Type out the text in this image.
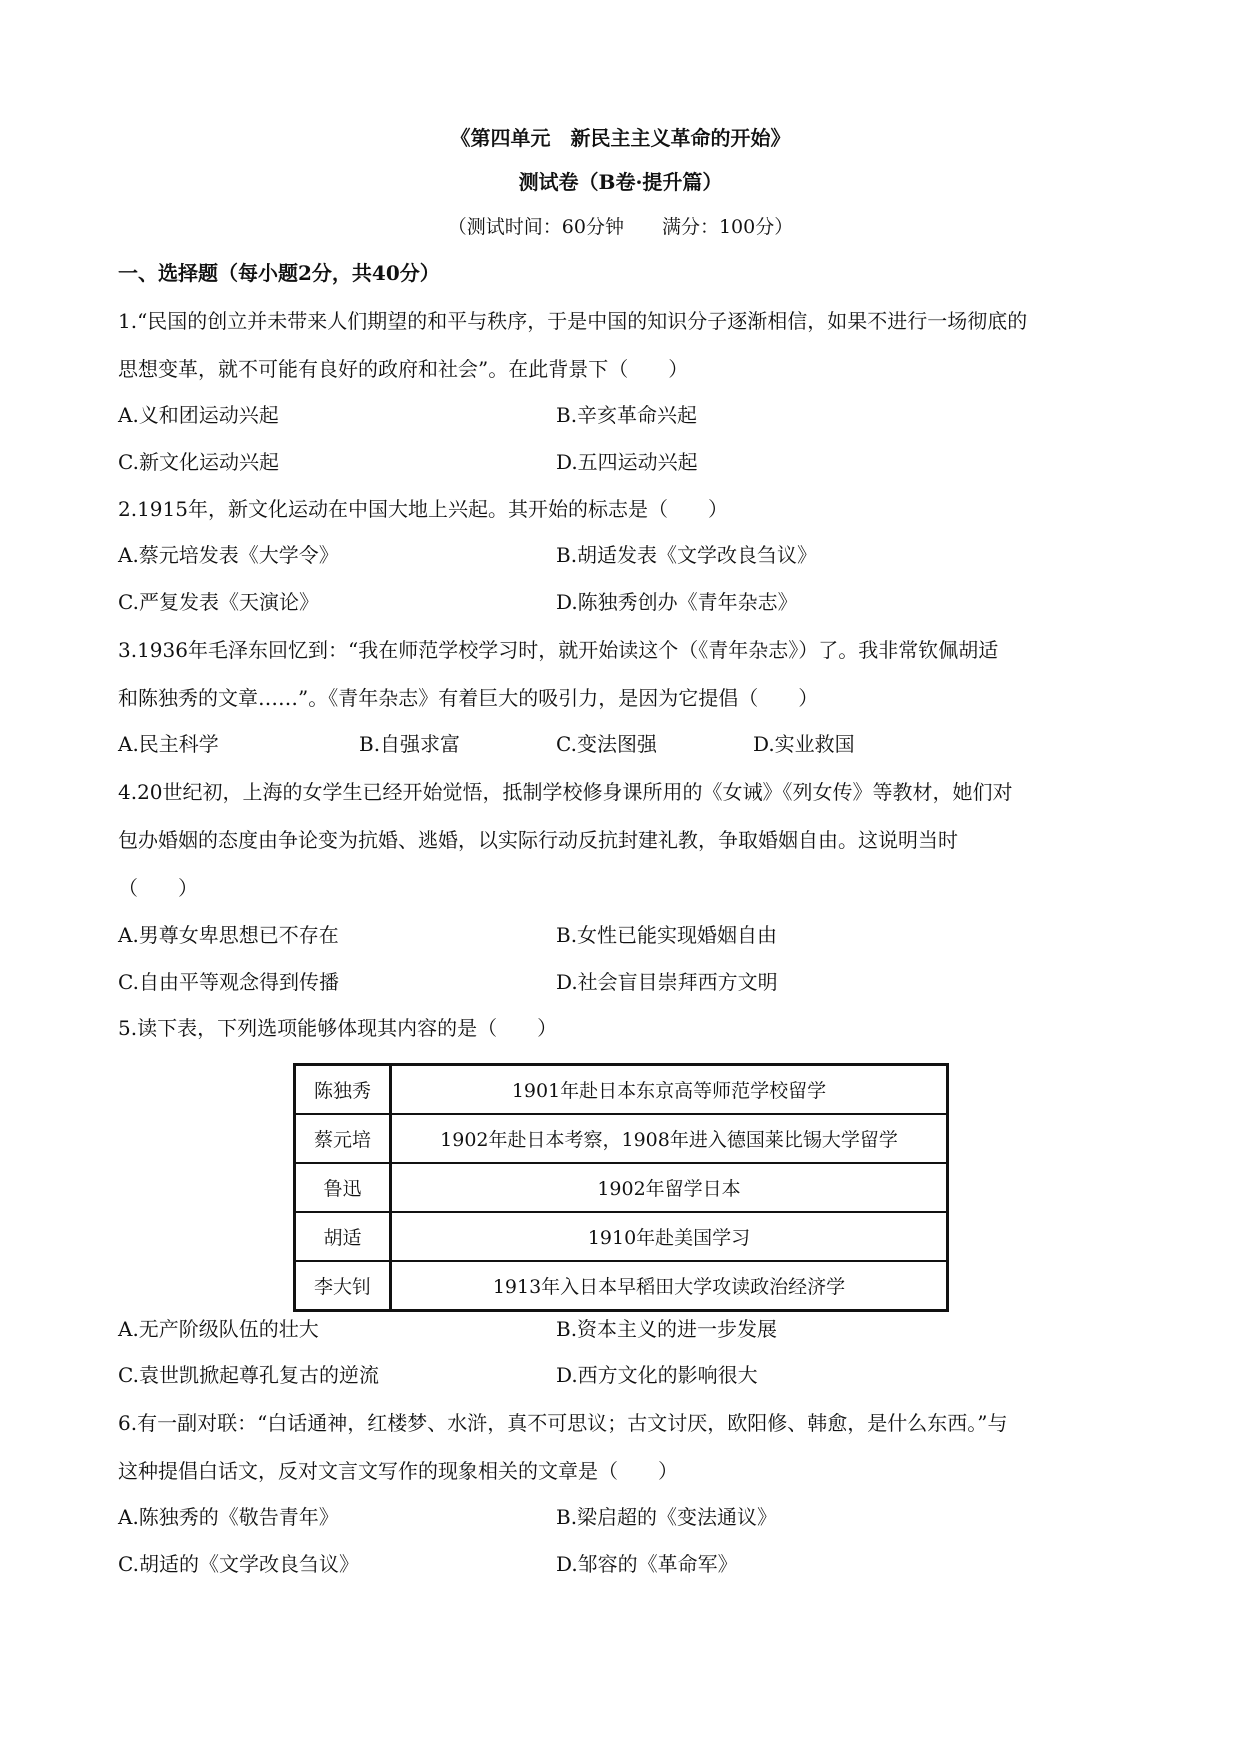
《第四单元　新民主主义革命的开始》
测试卷（B卷·提升篇）
（测试时间：60分钟　　满分：100分）
一、选择题（每小题2分，共40分）
1.“民国的创立并未带来人们期望的和平与秩序，于是中国的知识分子逐渐相信，如果不进行一场彻底的
思想变革，就不可能有良好的政府和社会”。在此背景下（　　）
A.义和团运动兴起	B.辛亥革命兴起
C.新文化运动兴起	D.五四运动兴起
2.1915年，新文化运动在中国大地上兴起。其开始的标志是（　　）
A.蔡元培发表《大学令》	B.胡适发表《文学改良刍议》
C.严复发表《天演论》	D.陈独秀创办《青年杂志》
3.1936年毛泽东回忆到：“我在师范学校学习时，就开始读这个（《青年杂志》）了。我非常钦佩胡适
和陈独秀的文章……”。《青年杂志》有着巨大的吸引力，是因为它提倡（　　）
A.民主科学	B.自强求富	C.变法图强	D.实业救国
4.20世纪初，上海的女学生已经开始觉悟，抵制学校修身课所用的《女诫》《列女传》等教材，她们对
包办婚姻的态度由争论变为抗婚、逃婚，以实际行动反抗封建礼教，争取婚姻自由。这说明当时
（　　）
A.男尊女卑思想已不存在	B.女性已能实现婚姻自由
C.自由平等观念得到传播	D.社会盲目崇拜西方文明
5.读下表，下列选项能够体现其内容的是（　　）
陈独秀	1901年赴日本东京高等师范学校留学
蔡元培	1902年赴日本考察，1908年进入德国莱比锡大学留学
鲁迅	1902年留学日本
胡适	1910年赴美国学习
李大钊	1913年入日本早稻田大学攻读政治经济学
A.无产阶级队伍的壮大	B.资本主义的进一步发展
C.袁世凯掀起尊孔复古的逆流	D.西方文化的影响很大
6.有一副对联：“白话通神，红楼梦、水浒，真不可思议；古文讨厌，欧阳修、韩愈，是什么东西。”与
这种提倡白话文，反对文言文写作的现象相关的文章是（　　）
A.陈独秀的《敬告青年》	B.梁启超的《变法通议》
C.胡适的《文学改良刍议》	D.邹容的《革命军》
